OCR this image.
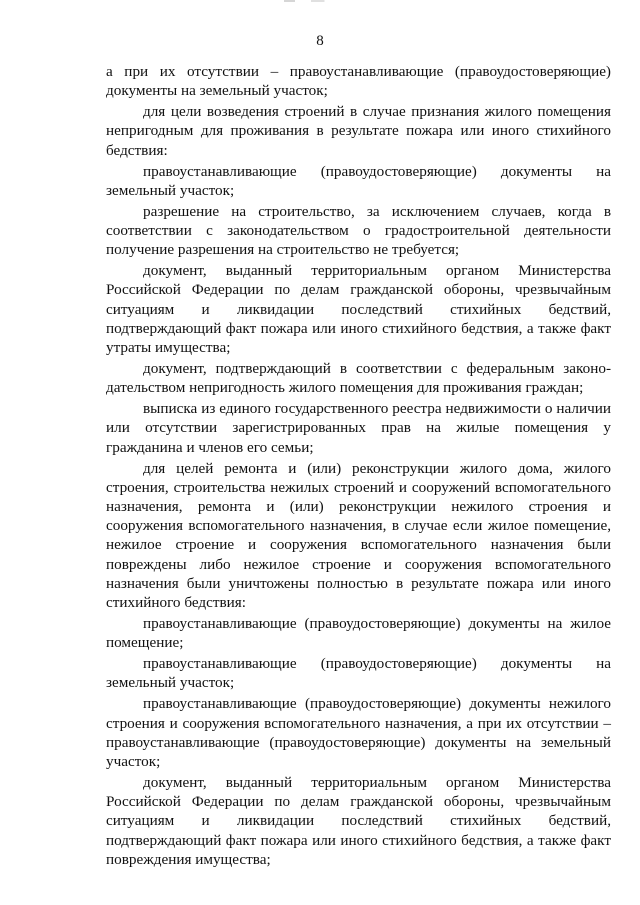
8

а при их отсутствии – правоустанавливающие (правоудостоверяющие) документы на земельный участок;

для цели возведения строений в случае признания жилого помещения непригодным для проживания в результате пожара или иного стихийного бедствия:

правоустанавливающие (правоудостоверяющие) документы на земельный участок;

разрешение на строительство, за исключением случаев, когда в соответствии с законодательством о градостроительной деятельности получение разрешения на строительство не требуется;

документ, выданный территориальным органом Министерства Российской Федерации по делам гражданской обороны, чрезвычайным ситуациям и ликвидации последствий стихийных бедствий, подтверждающий факт пожара или иного стихийного бедствия, а также факт утраты имущества;

документ, подтверждающий в соответствии с федеральным законо-дательством непригодность жилого помещения для проживания граждан;

выписка из единого государственного реестра недвижимости о наличии или отсутствии зарегистрированных прав на жилые помещения у гражданина и членов его семьи;

для целей ремонта и (или) реконструкции жилого дома, жилого строения, строительства нежилых строений и сооружений вспомогательного назначения, ремонта и (или) реконструкции нежилого строения и сооружения вспомогательного назначения, в случае если жилое помещение, нежилое строение и сооружения вспомогательного назначения были повреждены либо нежилое строение и сооружения вспомогательного назначения были уничтожены полностью в результате пожара или иного стихийного бедствия:

правоустанавливающие (правоудостоверяющие) документы на жилое помещение;

правоустанавливающие (правоудостоверяющие) документы на земельный участок;

правоустанавливающие (правоудостоверяющие) документы нежилого строения и сооружения вспомогательного назначения, а при их отсутствии – правоустанавливающие (правоудостоверяющие) документы на земельный участок;

документ, выданный территориальным органом Министерства Российской Федерации по делам гражданской обороны, чрезвычайным ситуациям и ликвидации последствий стихийных бедствий, подтверждающий факт пожара или иного стихийного бедствия, а также факт повреждения имущества;
